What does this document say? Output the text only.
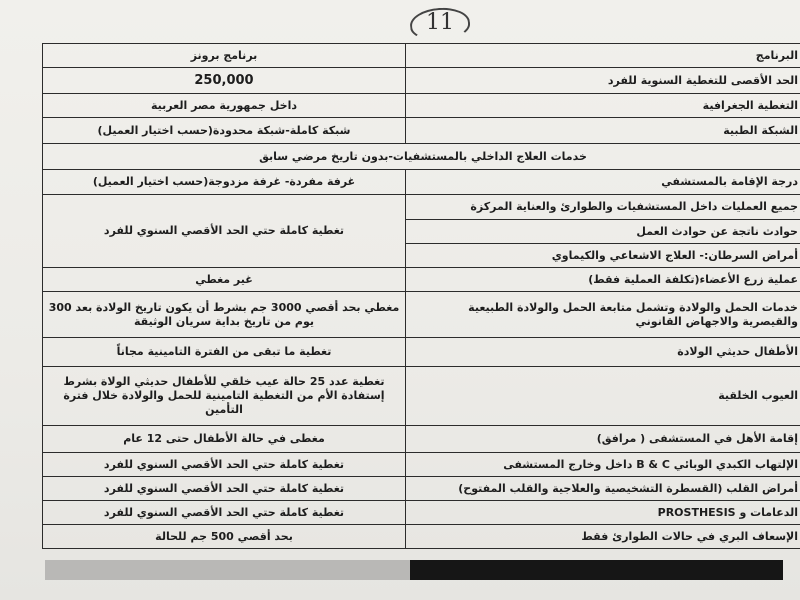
11
البرنامج	برنامج برونز
الحد الأقصى للتغطية السنوية للفرد	250,000
التغطية الجغرافية	داخل جمهورية مصر العربية
الشبكة الطبية	شبكة كاملة-شبكة محدودة(حسب اختيار العميل)
خدمات العلاج الداخلي بالمستشفيات-بدون تاريخ مرضي سابق	
درجة الإقامة بالمستشفي	غرفة مفردة- غرفة مزدوجة(حسب اختيار العميل)
جميع العمليات داخل المستشفيات والطوارئ والعناية المركزة	تغطية كاملة حتي الحد الأقصي السنوي للفرد
حوادث ناتجة عن حوادث العمل	
أمراض السرطان:- العلاج الاشعاعي والكيماوي	
عملية زرع الأعضاء(تكلفة العملية فقط)	غير مغطي
خدمات الحمل والولادة وتشمل متابعة الحمل والولادة الطبيعية والقيصرية والاجهاض القانوني	مغطي بحد أقصي 3000 جم بشرط أن يكون تاريخ الولادة بعد 300 يوم من تاريخ بداية سريان الوثيقة
الأطفال حديثي الولادة	تغطية ما تبقى من الفترة التامينية مجاناً
العيوب الخلقية	تغطية عدد 25 حالة عيب خلقي للأطفال حديثي الولاة بشرط إستفادة الأم من التغطية التامينية للحمل والولادة خلال فترة التأمين
إقامة الأهل في المستشفى ( مرافق)	مغطى في حالة الأطفال حتى 12 عام
الإلتهاب الكبدي الوبائي B & C داخل وخارج المستشفى	تغطية كاملة حتي الحد الأقصي السنوي للفرد
أمراض القلب (القسطرة التشخيصية والعلاجية والقلب المفتوح)	تغطية كاملة حتي الحد الأقصي السنوي للفرد
الدعامات و PROSTHESIS	تغطية كاملة حتي الحد الأقصي السنوي للفرد
الإسعاف البري في حالات الطوارئ فقط	بحد أقصي 500 جم للحالة
